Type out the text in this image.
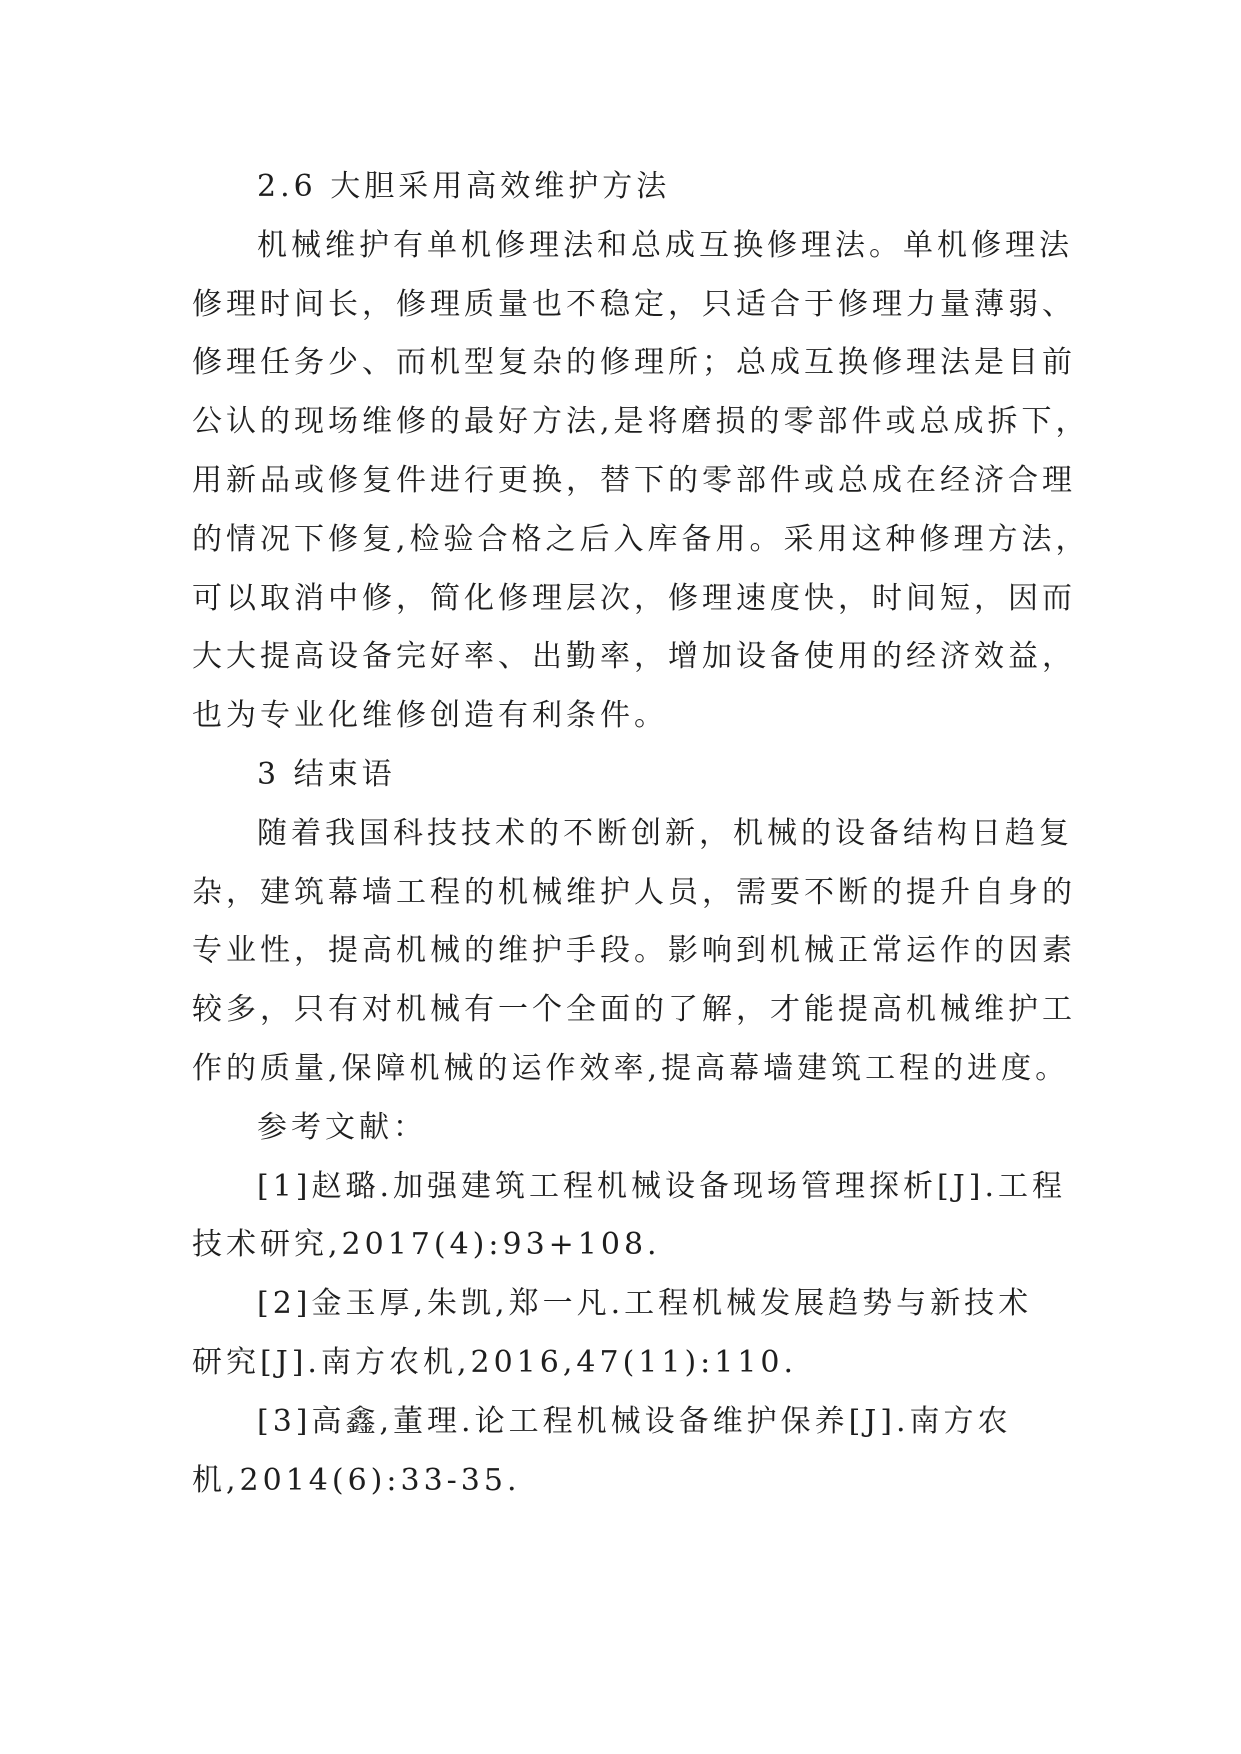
2.6 大胆采用高效维护方法
机械维护有单机修理法和总成互换修理法。单机修理法
修理时间长，修理质量也不稳定，只适合于修理力量薄弱、
修理任务少、而机型复杂的修理所；总成互换修理法是目前
公认的现场维修的最好方法,是将磨损的零部件或总成拆下，
用新品或修复件进行更换，替下的零部件或总成在经济合理
的情况下修复,检验合格之后入库备用。采用这种修理方法，
可以取消中修，简化修理层次，修理速度快，时间短，因而
大大提高设备完好率、出勤率，增加设备使用的经济效益，
也为专业化维修创造有利条件。
3 结束语
随着我国科技技术的不断创新，机械的设备结构日趋复
杂，建筑幕墙工程的机械维护人员，需要不断的提升自身的
专业性，提高机械的维护手段。影响到机械正常运作的因素
较多，只有对机械有一个全面的了解，才能提高机械维护工
作的质量,保障机械的运作效率,提高幕墙建筑工程的进度。
参考文献：
[1]赵璐.加强建筑工程机械设备现场管理探析[J].工程
技术研究,2017(4):93+108.
[2]金玉厚,朱凯,郑一凡.工程机械发展趋势与新技术
研究[J].南方农机,2016,47(11):110.
[3]高鑫,董理.论工程机械设备维护保养[J].南方农
机,2014(6):33-35.
